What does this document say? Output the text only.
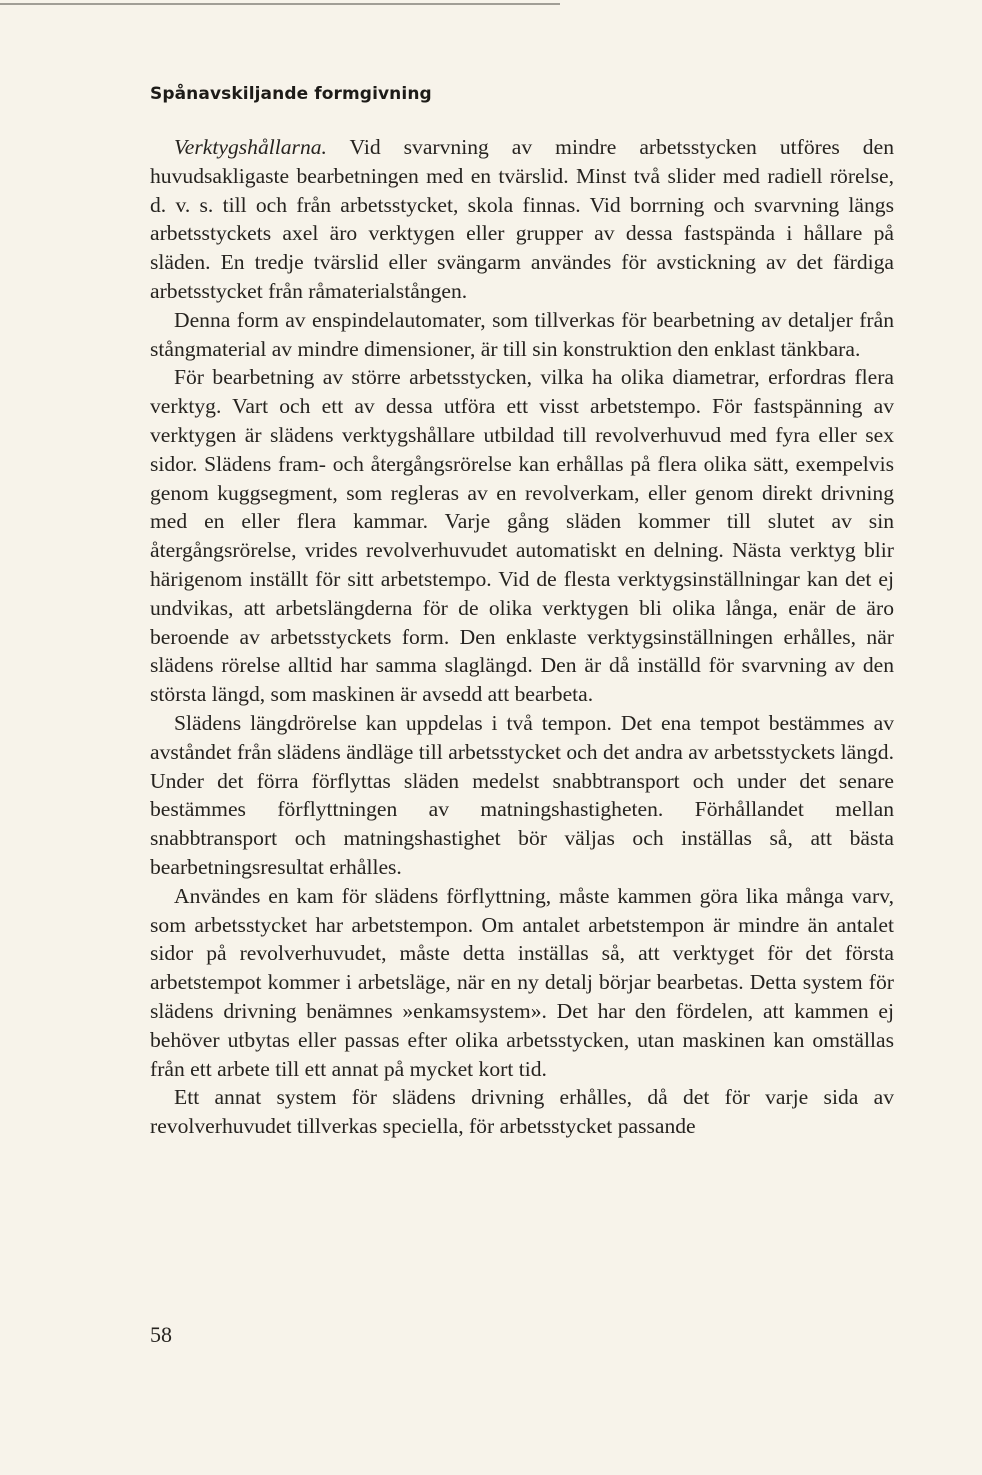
Spånavskiljande formgivning

Verktygshållarna. Vid svarvning av mindre arbetsstycken utföres den huvudsakligaste bearbetningen med en tvärslid. Minst två slider med radiell rörelse, d. v. s. till och från arbetsstycket, skola finnas. Vid borrning och svarvning längs arbetsstyckets axel äro verktygen eller grupper av dessa fastspända i hållare på släden. En tredje tvärslid eller svängarm användes för avstickning av det färdiga arbetsstycket från råmaterialstången.

Denna form av enspindelautomater, som tillverkas för bearbetning av detaljer från stångmaterial av mindre dimensioner, är till sin konstruktion den enklast tänkbara.

För bearbetning av större arbetsstycken, vilka ha olika diametrar, erfordras flera verktyg. Vart och ett av dessa utföra ett visst arbetstempo. För fastspänning av verktygen är slädens verktygshållare utbildad till revolverhuvud med fyra eller sex sidor. Slädens fram- och återgångsrörelse kan erhållas på flera olika sätt, exempelvis genom kuggsegment, som regleras av en revolverkam, eller genom direkt drivning med en eller flera kammar. Varje gång släden kommer till slutet av sin återgångsrörelse, vrides revolverhuvudet automatiskt en delning. Nästa verktyg blir härigenom inställt för sitt arbetstempo. Vid de flesta verktygsinställningar kan det ej undvikas, att arbetslängderna för de olika verktygen bli olika långa, enär de äro beroende av arbetsstyckets form. Den enklaste verktygsinställningen erhålles, när slädens rörelse alltid har samma slaglängd. Den är då inställd för svarvning av den största längd, som maskinen är avsedd att bearbeta.

Slädens längdrörelse kan uppdelas i två tempon. Det ena tempot bestämmes av avståndet från slädens ändläge till arbetsstycket och det andra av arbetsstyckets längd. Under det förra förflyttas släden medelst snabbtransport och under det senare bestämmes förflyttningen av matningshastigheten. Förhållandet mellan snabbtransport och matningshastighet bör väljas och inställas så, att bästa bearbetningsresultat erhålles.

Användes en kam för slädens förflyttning, måste kammen göra lika många varv, som arbetsstycket har arbetstempon. Om antalet arbetstempon är mindre än antalet sidor på revolverhuvudet, måste detta inställas så, att verktyget för det första arbetstempot kommer i arbetsläge, när en ny detalj börjar bearbetas. Detta system för slädens drivning benämnes »enkamsystem». Det har den fördelen, att kammen ej behöver utbytas eller passas efter olika arbetsstycken, utan maskinen kan omställas från ett arbete till ett annat på mycket kort tid.

Ett annat system för slädens drivning erhålles, då det för varje sida av revolverhuvudet tillverkas speciella, för arbetsstycket passande

58
